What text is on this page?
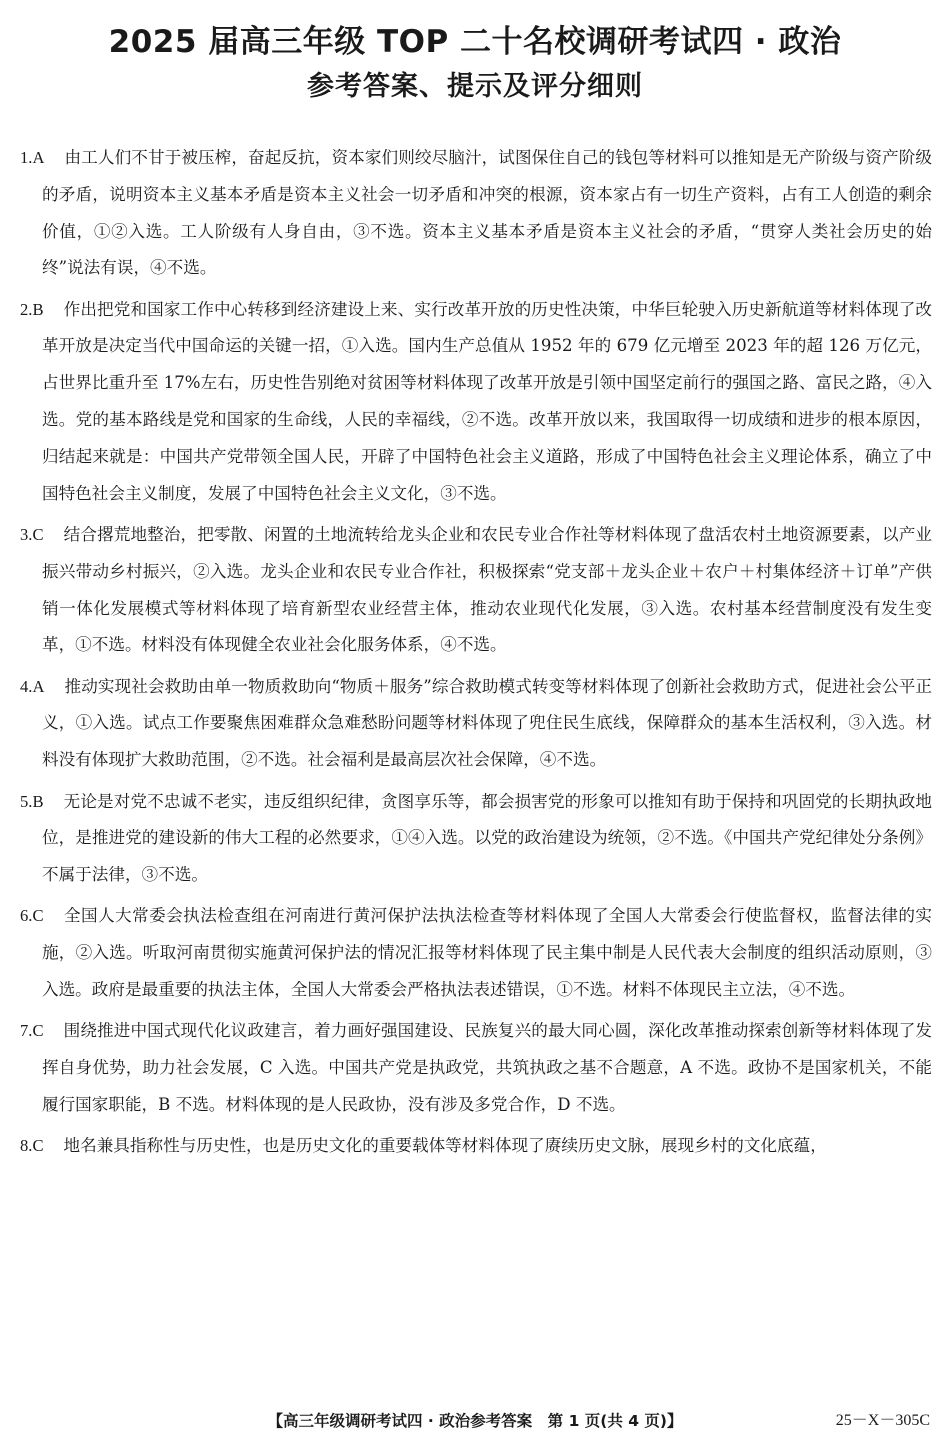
2025 届高三年级 TOP 二十名校调研考试四 · 政治
参考答案、提示及评分细则
1.A 由工人们不甘于被压榨，奋起反抗，资本家们则绞尽脑汁，试图保住自己的钱包等材料可以推知是无产阶级与资产阶级的矛盾，说明资本主义基本矛盾是资本主义社会一切矛盾和冲突的根源，资本家占有一切生产资料，占有工人创造的剩余价值，①②入选。工人阶级有人身自由，③不选。资本主义基本矛盾是资本主义社会的矛盾，“贯穿人类社会历史的始终”说法有误，④不选。
2.B 作出把党和国家工作中心转移到经济建设上来、实行改革开放的历史性决策，中华巨轮驶入历史新航道等材料体现了改革开放是决定当代中国命运的关键一招，①入选。国内生产总值从 1952 年的 679 亿元增至 2023 年的超 126 万亿元，占世界比重升至 17%左右，历史性告别绝对贫困等材料体现了改革开放是引领中国坚定前行的强国之路、富民之路，④入选。党的基本路线是党和国家的生命线，人民的幸福线，②不选。改革开放以来，我国取得一切成绩和进步的根本原因，归结起来就是：中国共产党带领全国人民，开辟了中国特色社会主义道路，形成了中国特色社会主义理论体系，确立了中国特色社会主义制度，发展了中国特色社会主义文化，③不选。
3.C 结合撂荒地整治，把零散、闲置的土地流转给龙头企业和农民专业合作社等材料体现了盘活农村土地资源要素，以产业振兴带动乡村振兴，②入选。龙头企业和农民专业合作社，积极探索“党支部＋龙头企业＋农户＋村集体经济＋订单”产供销一体化发展模式等材料体现了培育新型农业经营主体，推动农业现代化发展，③入选。农村基本经营制度没有发生变革，①不选。材料没有体现健全农业社会化服务体系，④不选。
4.A 推动实现社会救助由单一物质救助向“物质＋服务”综合救助模式转变等材料体现了创新社会救助方式，促进社会公平正义，①入选。试点工作要聚焦困难群众急难愁盼问题等材料体现了兜住民生底线，保障群众的基本生活权利，③入选。材料没有体现扩大救助范围，②不选。社会福利是最高层次社会保障，④不选。
5.B 无论是对党不忠诚不老实，违反组织纪律，贪图享乐等，都会损害党的形象可以推知有助于保持和巩固党的长期执政地位，是推进党的建设新的伟大工程的必然要求，①④入选。以党的政治建设为统领，②不选。《中国共产党纪律处分条例》不属于法律，③不选。
6.C 全国人大常委会执法检查组在河南进行黄河保护法执法检查等材料体现了全国人大常委会行使监督权，监督法律的实施，②入选。听取河南贯彻实施黄河保护法的情况汇报等材料体现了民主集中制是人民代表大会制度的组织活动原则，③入选。政府是最重要的执法主体，全国人大常委会严格执法表述错误，①不选。材料不体现民主立法，④不选。
7.C 围绕推进中国式现代化议政建言，着力画好强国建设、民族复兴的最大同心圆，深化改革推动探索创新等材料体现了发挥自身优势，助力社会发展，C 入选。中国共产党是执政党，共筑执政之基不合题意，A 不选。政协不是国家机关，不能履行国家职能，B 不选。材料体现的是人民政协，没有涉及多党合作，D 不选。
8.C 地名兼具指称性与历史性，也是历史文化的重要载体等材料体现了赓续历史文脉，展现乡村的文化底蕴，
【高三年级调研考试四 · 政治参考答案　第 1 页(共 4 页)】	25－X－305C
